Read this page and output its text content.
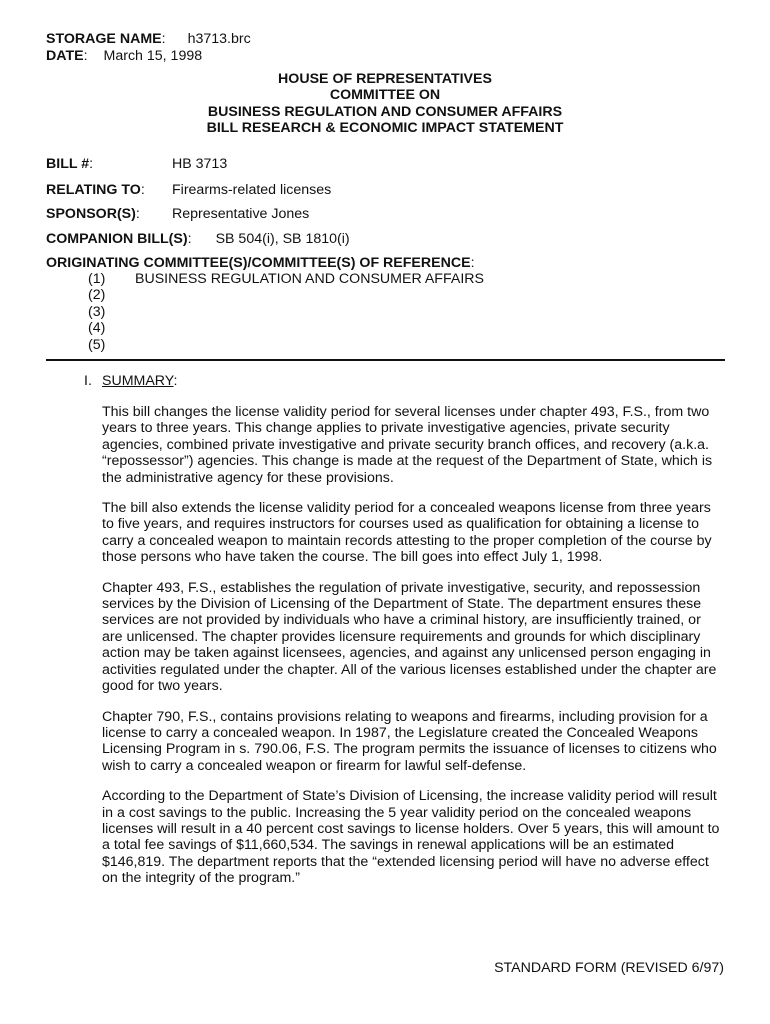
STORAGE NAME: h3713.brc
DATE: March 15, 1998
HOUSE OF REPRESENTATIVES
COMMITTEE ON
BUSINESS REGULATION AND CONSUMER AFFAIRS
BILL RESEARCH & ECONOMIC IMPACT STATEMENT
BILL #:	HB 3713
RELATING TO: Firearms-related licenses
SPONSOR(S): Representative Jones
COMPANION BILL(S): SB 504(i), SB 1810(i)
ORIGINATING COMMITTEE(S)/COMMITTEE(S) OF REFERENCE:
(1) BUSINESS REGULATION AND CONSUMER AFFAIRS
(2)
(3)
(4)
(5)
I. SUMMARY:

This bill changes the license validity period for several licenses under chapter 493, F.S., from two years to three years. This change applies to private investigative agencies, private security agencies, combined private investigative and private security branch offices, and recovery (a.k.a. “repossessor”) agencies. This change is made at the request of the Department of State, which is the administrative agency for these provisions.

The bill also extends the license validity period for a concealed weapons license from three years to five years, and requires instructors for courses used as qualification for obtaining a license to carry a concealed weapon to maintain records attesting to the proper completion of the course by those persons who have taken the course. The bill goes into effect July 1, 1998.

Chapter 493, F.S., establishes the regulation of private investigative, security, and repossession services by the Division of Licensing of the Department of State. The department ensures these services are not provided by individuals who have a criminal history, are insufficiently trained, or are unlicensed. The chapter provides licensure requirements and grounds for which disciplinary action may be taken against licensees, agencies, and against any unlicensed person engaging in activities regulated under the chapter. All of the various licenses established under the chapter are good for two years.

Chapter 790, F.S., contains provisions relating to weapons and firearms, including provision for a license to carry a concealed weapon. In 1987, the Legislature created the Concealed Weapons Licensing Program in s. 790.06, F.S. The program permits the issuance of licenses to citizens who wish to carry a concealed weapon or firearm for lawful self-defense.

According to the Department of State’s Division of Licensing, the increase validity period will result in a cost savings to the public. Increasing the 5 year validity period on the concealed weapons licenses will result in a 40 percent cost savings to license holders. Over 5 years, this will amount to a total fee savings of $11,660,534. The savings in renewal applications will be an estimated $146,819. The department reports that the “extended licensing period will have no adverse effect on the integrity of the program.”

STANDARD FORM (REVISED 6/97)
